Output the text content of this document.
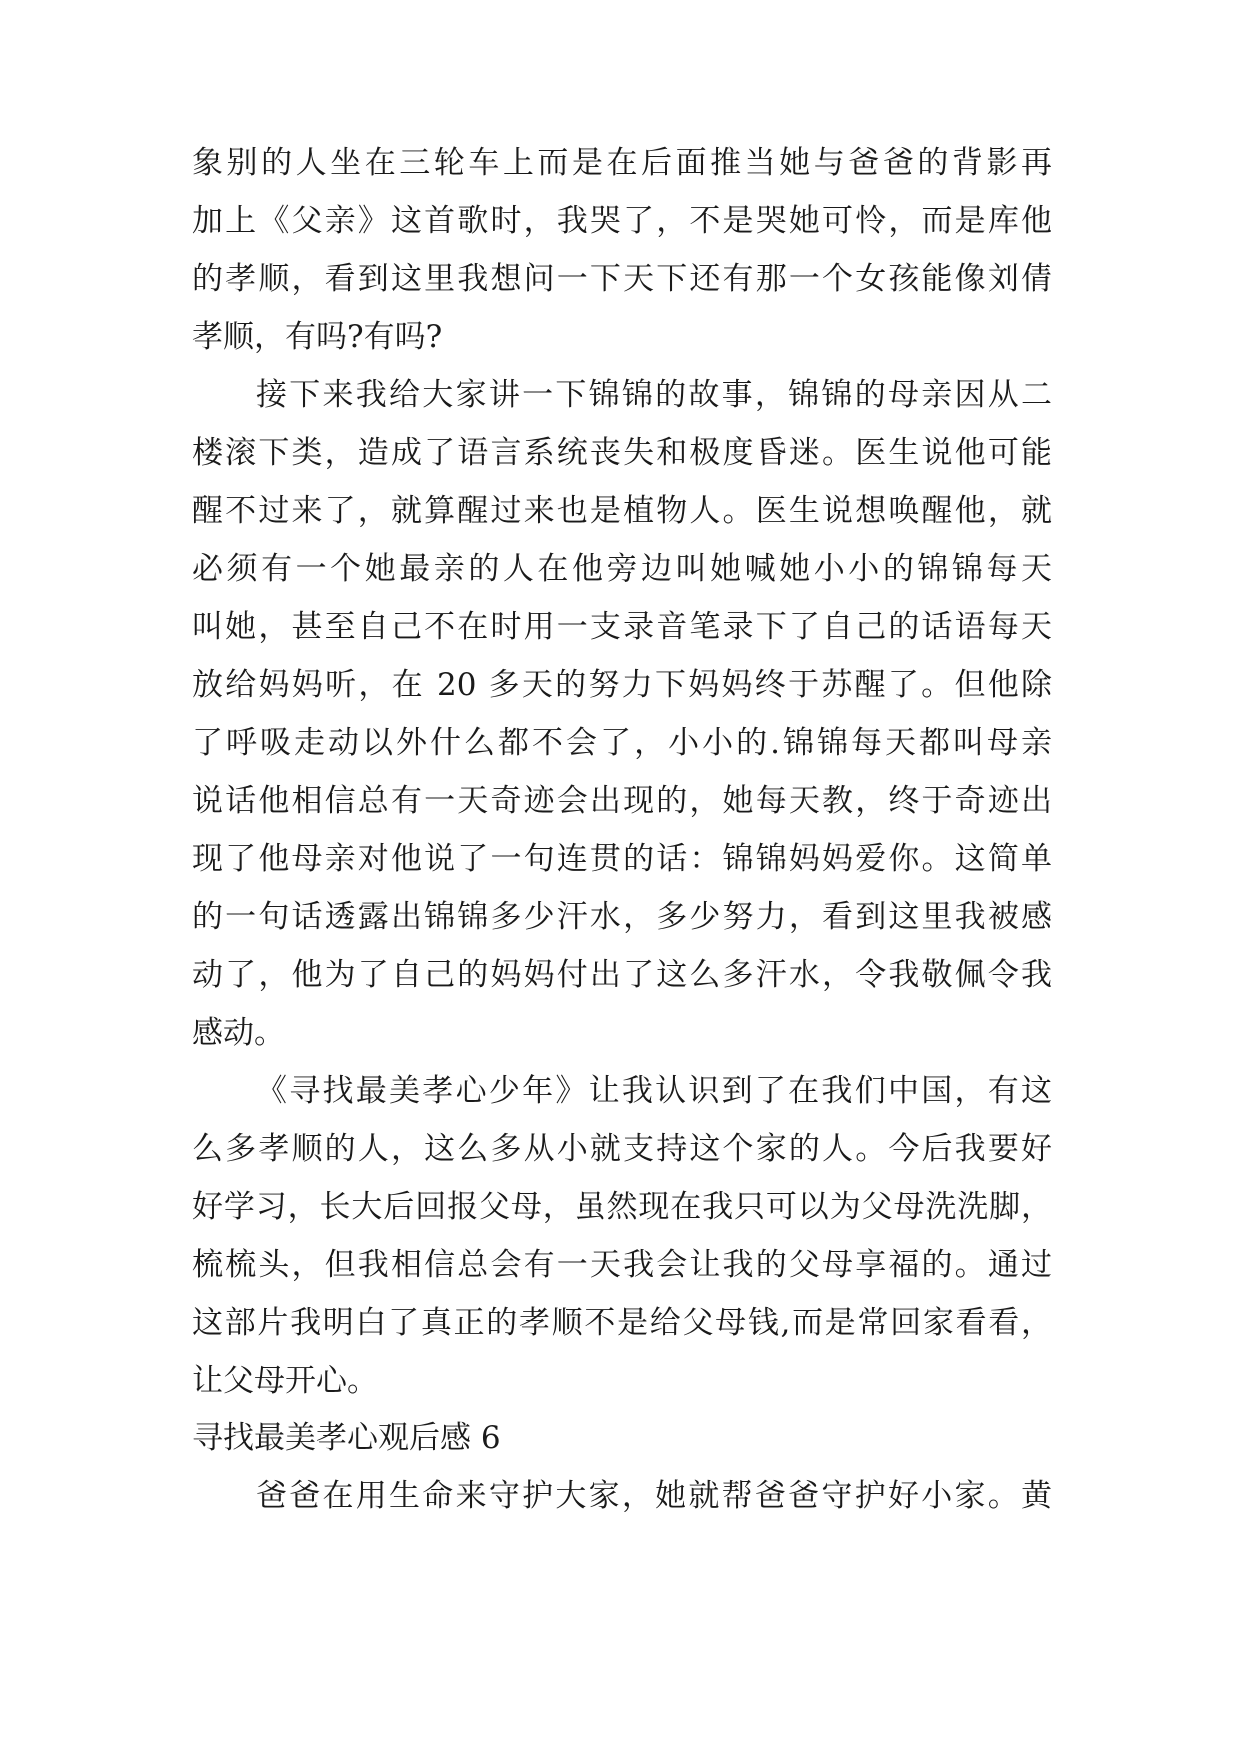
象别的人坐在三轮车上而是在后面推当她与爸爸的背影再
加上《父亲》这首歌时，我哭了，不是哭她可怜，而是库他
的孝顺，看到这里我想问一下天下还有那一个女孩能像刘倩
孝顺，有吗?有吗?
接下来我给大家讲一下锦锦的故事，锦锦的母亲因从二
楼滚下类，造成了语言系统丧失和极度昏迷。医生说他可能
醒不过来了，就算醒过来也是植物人。医生说想唤醒他，就
必须有一个她最亲的人在他旁边叫她喊她小小的锦锦每天
叫她，甚至自己不在时用一支录音笔录下了自己的话语每天
放给妈妈听，在 20 多天的努力下妈妈终于苏醒了。但他除
了呼吸走动以外什么都不会了，小小的.锦锦每天都叫母亲
说话他相信总有一天奇迹会出现的，她每天教，终于奇迹出
现了他母亲对他说了一句连贯的话：锦锦妈妈爱你。这简单
的一句话透露出锦锦多少汗水，多少努力，看到这里我被感
动了，他为了自己的妈妈付出了这么多汗水，令我敬佩令我
感动。
《寻找最美孝心少年》让我认识到了在我们中国，有这
么多孝顺的人，这么多从小就支持这个家的人。今后我要好
好学习，长大后回报父母，虽然现在我只可以为父母洗洗脚，
梳梳头，但我相信总会有一天我会让我的父母享福的。通过
这部片我明白了真正的孝顺不是给父母钱,而是常回家看看，
让父母开心。
寻找最美孝心观后感 6
爸爸在用生命来守护大家，她就帮爸爸守护好小家。黄
